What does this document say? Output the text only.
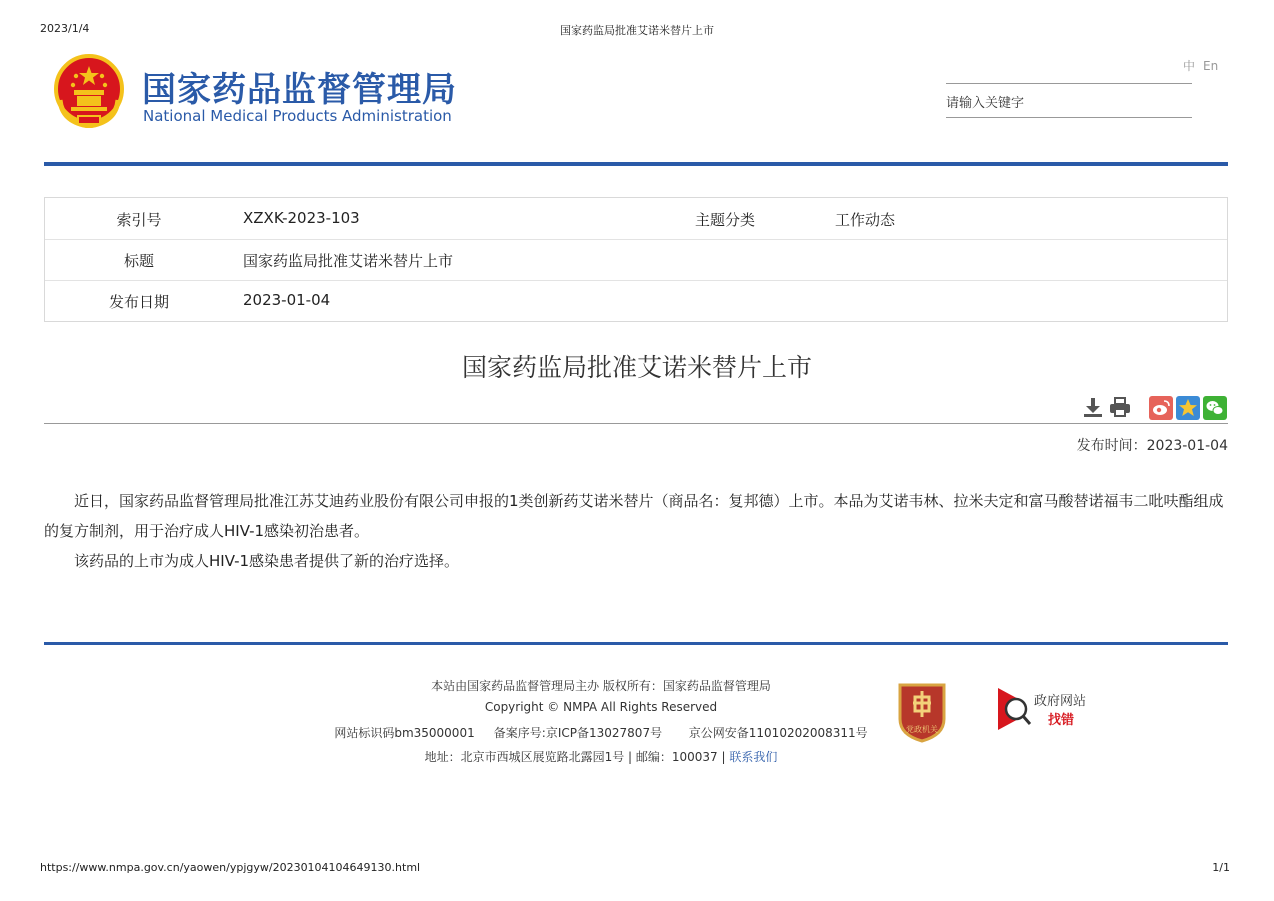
2023/1/4	国家药监局批准艾诺米替片上市
国家药品监督管理局
National Medical Products Administration
中 En
请输入关键字
索引号	XZXK-2023-103	主题分类	工作动态
标题	国家药监局批准艾诺米替片上市
发布日期	2023-01-04
国家药监局批准艾诺米替片上市
发布时间：2023-01-04

近日，国家药品监督管理局批准江苏艾迪药业股份有限公司申报的1类创新药艾诺米替片（商品名：复邦德）上市。本品为艾诺韦林、拉米夫定和富马酸替诺福韦二吡呋酯组成的复方制剂，用于治疗成人HIV-1感染初治患者。

该药品的上市为成人HIV-1感染患者提供了新的治疗选择。

本站由国家药品监督管理局主办 版权所有：国家药品监督管理局
Copyright © NMPA All Rights Reserved
网站标识码bm35000001 备案序号:京ICP备13027807号 京公网安备11010202008311号
地址：北京市西城区展览路北露园1号 | 邮编：100037 | 联系我们
党政机关
政府网站
找错
https://www.nmpa.gov.cn/yaowen/ypjgyw/20230104104649130.html	1/1
